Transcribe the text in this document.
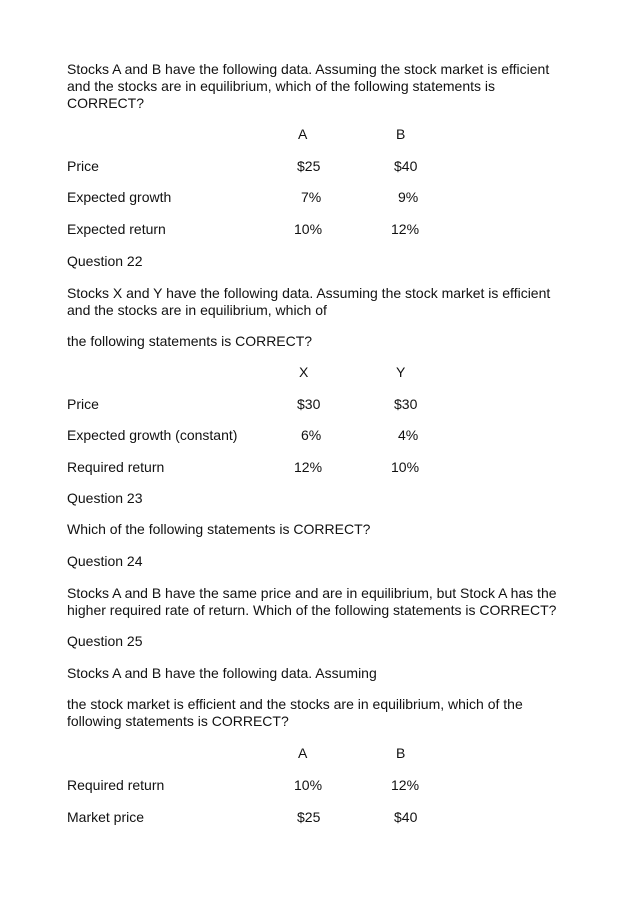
Stocks A and B have the following data. Assuming the stock market is efficient
and the stocks are in equilibrium, which of the following statements is
CORRECT?
A	B
Price	$25	$40
Expected growth	7%	9%
Expected return	10%	12%
Question 22
Stocks X and Y have the following data. Assuming the stock market is efficient
and the stocks are in equilibrium, which of
the following statements is CORRECT?
X	Y
Price	$30	$30
Expected growth (constant)	6%	4%
Required return	12%	10%
Question 23
Which of the following statements is CORRECT?
Question 24
Stocks A and B have the same price and are in equilibrium, but Stock A has the
higher required rate of return. Which of the following statements is CORRECT?
Question 25
Stocks A and B have the following data. Assuming
the stock market is efficient and the stocks are in equilibrium, which of the
following statements is CORRECT?
A	B
Required return	10%	12%
Market price	$25	$40
